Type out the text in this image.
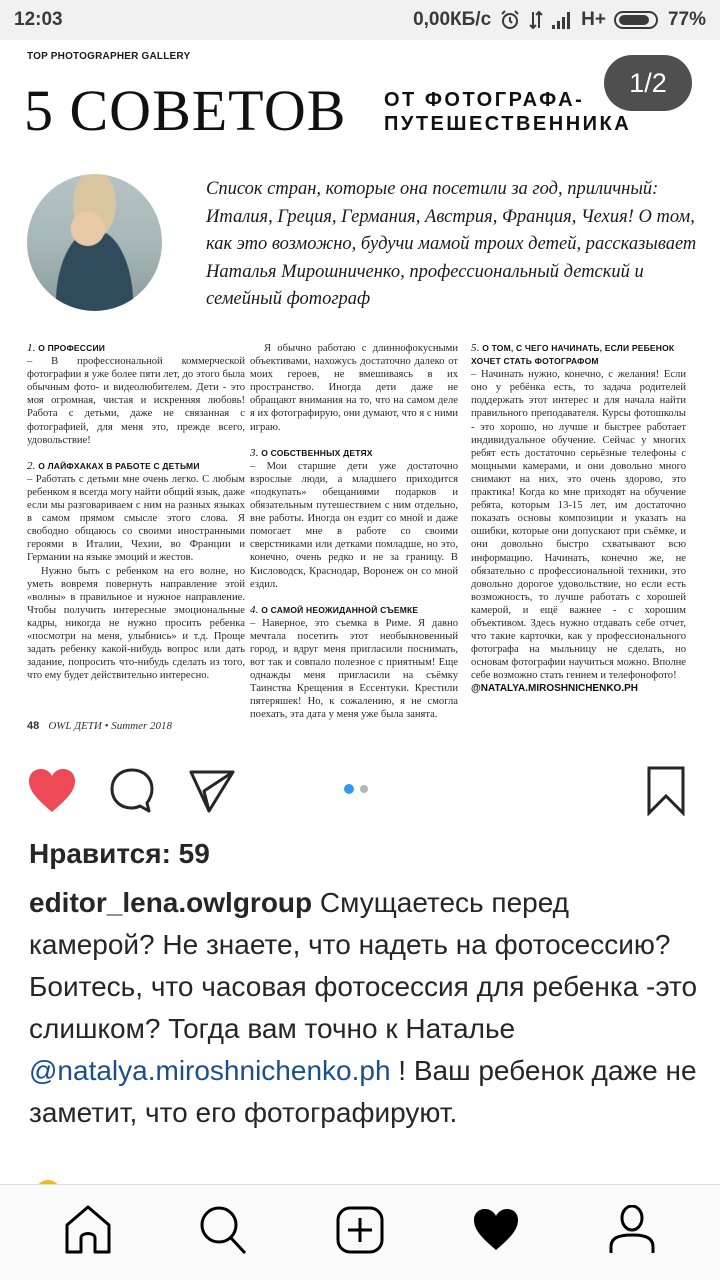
12:03	0,00КБ/с	H+	77%
TOP PHOTOGRAPHER GALLERY
5 СОВЕТОВ ОТ ФОТОГРАФА-
ПУТЕШЕСТВЕННИКА
1/2
Список стран, которые она посетили за год, приличный: Италия, Греция, Германия, Австрия, Франция, Чехия! О том, как это возможно, будучи мамой троих детей, рассказывает Наталья Мирошниченко, профессиональный детский и семейный фотограф
1. О ПРОФЕССИИ

– В профессиональной коммерческой фотографии я уже более пяти лет, до этого была обычным фото- и видеолюбителем. Дети - это моя огромная, чистая и искренняя любовь! Работа с детьми, даже не связанная с фотографией, для меня это, прежде всего, удовольствие!

2. О ЛАЙФХАКАХ В РАБОТЕ С ДЕТЬМИ

– Работать с детьми мне очень легко. С любым ребенком я всегда могу найти общий язык, даже если мы разговариваем с ним на разных языках в самом прямом смысле этого слова. Я свободно общаюсь со своими иностранными героями в Италии, Чехии, во Франции и Германии на языке эмоций и жестов.

Нужно быть с ребенком на его волне, но уметь вовремя повернуть направление этой «волны» в правильное и нужное направление. Чтобы получить интересные эмоциональные кадры, никогда не нужно просить ребенка «посмотри на меня, улыбнись» и т.д. Проще задать ребенку какой-нибудь вопрос или дать задание, попросить что-нибудь сделать из того, что ему будет действительно интересно.

Я обычно работаю с длиннофокусными объективами, нахожусь достаточно далеко от моих героев, не вмешиваясь в их пространство. Иногда дети даже не обращают внимания на то, что на самом деле я их фотографирую, они думают, что я с ними играю.

3. О СОБСТВЕННЫХ ДЕТЯХ

– Мои старшие дети уже достаточно взрослые люди, а младшего приходится «подкупать» обещаниями подарков и обязательным путешествием с ним отдельно, вне работы. Иногда он ездит со мной и даже помогает мне в работе со своими сверстниками или детками помладше, но это, конечно, очень редко и не за границу. В Кисловодск, Краснодар, Воронеж он со мной ездил.

4. О САМОЙ НЕОЖИДАННОЙ СЪЕМКЕ

– Наверное, это съемка в Риме. Я давно мечтала посетить этот необыкновенный город, и вдруг меня пригласили поснимать, вот так и совпало полезное с приятным! Еще однажды меня пригласили на съёмку Таинства Крещения в Ессентуки. Крестили пятеряшек! Но, к сожалению, я не смогла поехать, эта дата у меня уже была занята.

5. О ТОМ, С ЧЕГО НАЧИНАТЬ, ЕСЛИ РЕБЕНОК ХОЧЕТ СТАТЬ ФОТОГРАФОМ

– Начинать нужно, конечно, с желания! Если оно у ребёнка есть, то задача родителей поддержать этот интерес и для начала найти правильного преподавателя. Курсы фотошколы - это хорошо, но лучше и быстрее работает индивидуальное обучение. Сейчас у многих ребят есть достаточно серьёзные телефоны с мощными камерами, и они довольно много снимают на них, это очень здорово, это практика! Когда ко мне приходят на обучение ребята, которым 13-15 лет, им достаточно показать основы композиции и указать на ошибки, которые они допускают при съёмке, и они довольно быстро схватывают всю информацию. Начинать, конечно же, не обязательно с профессиональной техники, это довольно дорогое удовольствие, но если есть возможность, то лучше работать с хорошей камерой, и ещё важнее - с хорошим объективом. Здесь нужно отдавать себе отчет, что такие карточки, как у профессионального фотографа на мыльницу не сделать, но основам фотографии научиться можно. Вполне себе возможно стать гением и телефонофото!

@NATALYA.MIROSHNICHENKO.PH
48 OWL ДЕТИ • Summer 2018
Нравится: 59
editor_lena.owlgroup Смущаетесь перед камерой? Не знаете, что надеть на фотосессию? Боитесь, что часовая фотосессия для ребенка -это слишком? Тогда вам точно к Наталье @natalya.miroshnichenko.ph ! Ваш ребенок даже не заметит, что его фотографируют.
